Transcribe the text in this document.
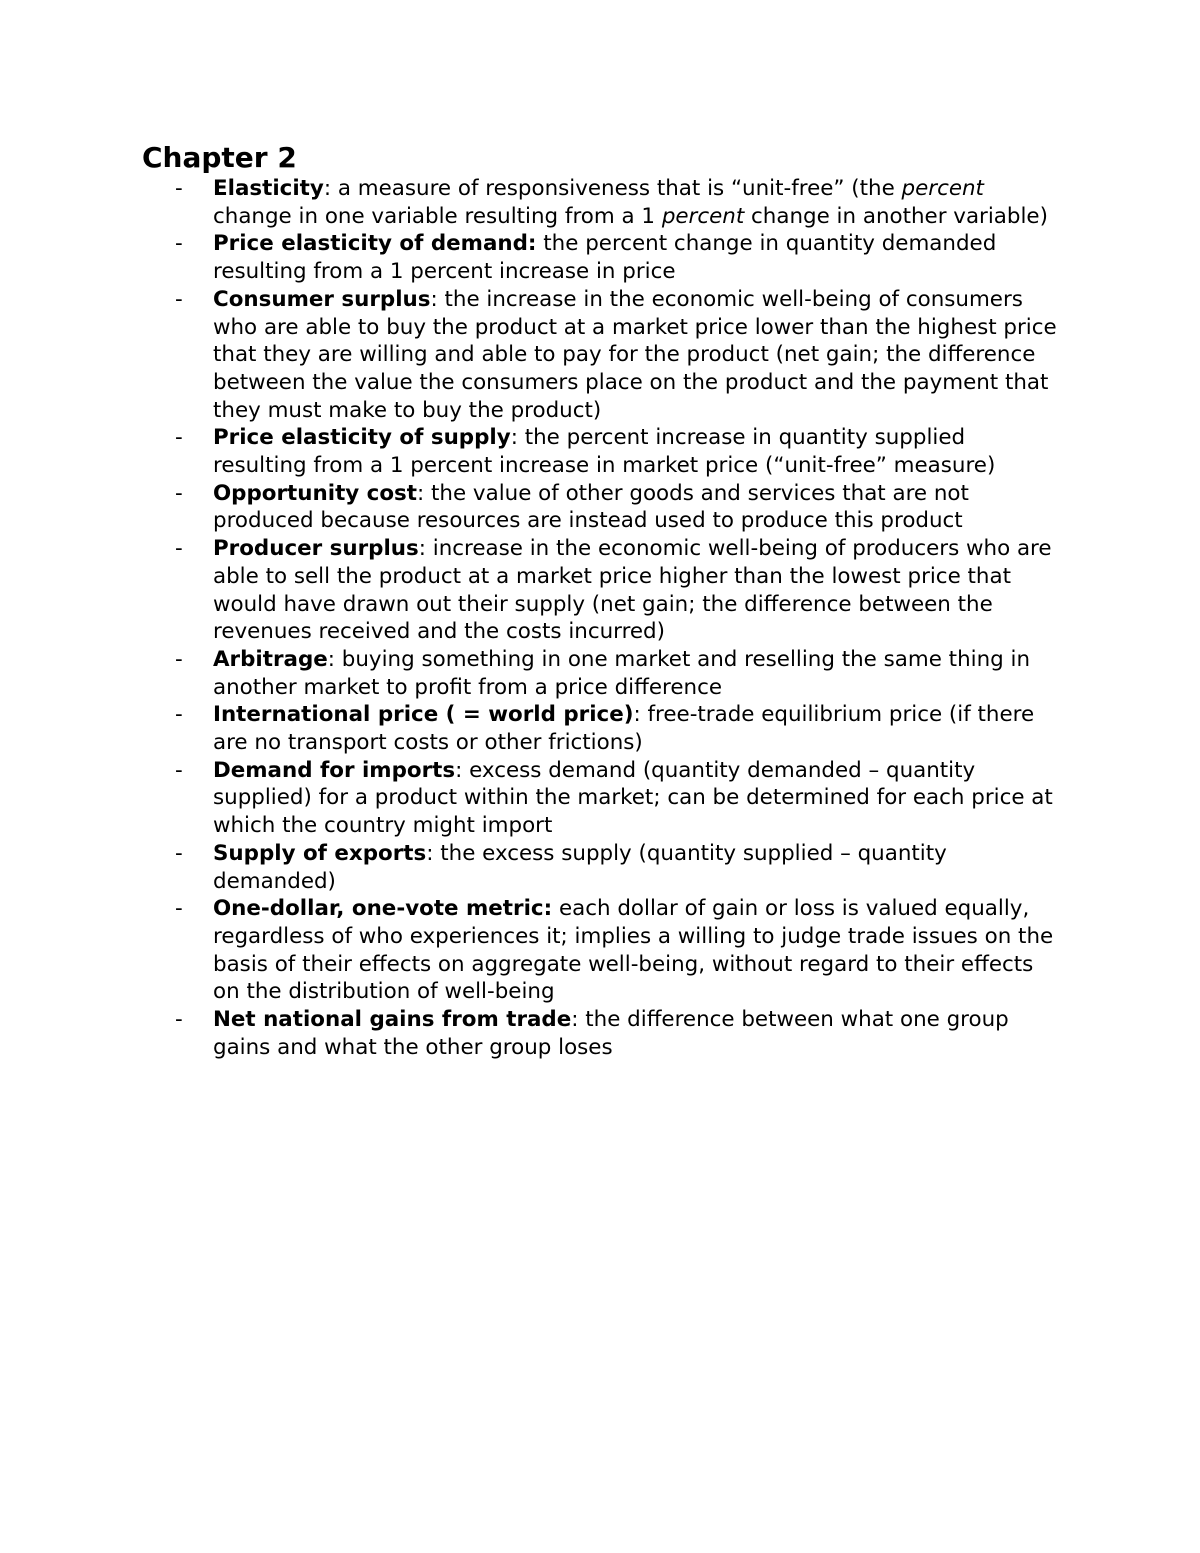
Chapter 2
- Elasticity: a measure of responsiveness that is “unit-free” (the percent change in one variable resulting from a 1 percent change in another variable)
- Price elasticity of demand: the percent change in quantity demanded resulting from a 1 percent increase in price
- Consumer surplus: the increase in the economic well-being of consumers who are able to buy the product at a market price lower than the highest price that they are willing and able to pay for the product (net gain; the difference between the value the consumers place on the product and the payment that they must make to buy the product)
- Price elasticity of supply: the percent increase in quantity supplied resulting from a 1 percent increase in market price (“unit-free” measure)
- Opportunity cost: the value of other goods and services that are not produced because resources are instead used to produce this product
- Producer surplus: increase in the economic well-being of producers who are able to sell the product at a market price higher than the lowest price that would have drawn out their supply (net gain; the difference between the revenues received and the costs incurred)
- Arbitrage: buying something in one market and reselling the same thing in another market to profit from a price difference
- International price ( = world price): free-trade equilibrium price (if there are no transport costs or other frictions)
- Demand for imports: excess demand (quantity demanded – quantity supplied) for a product within the market; can be determined for each price at which the country might import
- Supply of exports: the excess supply (quantity supplied – quantity demanded)
- One-dollar, one-vote metric: each dollar of gain or loss is valued equally, regardless of who experiences it; implies a willing to judge trade issues on the basis of their effects on aggregate well-being, without regard to their effects on the distribution of well-being
- Net national gains from trade: the difference between what one group gains and what the other group loses
